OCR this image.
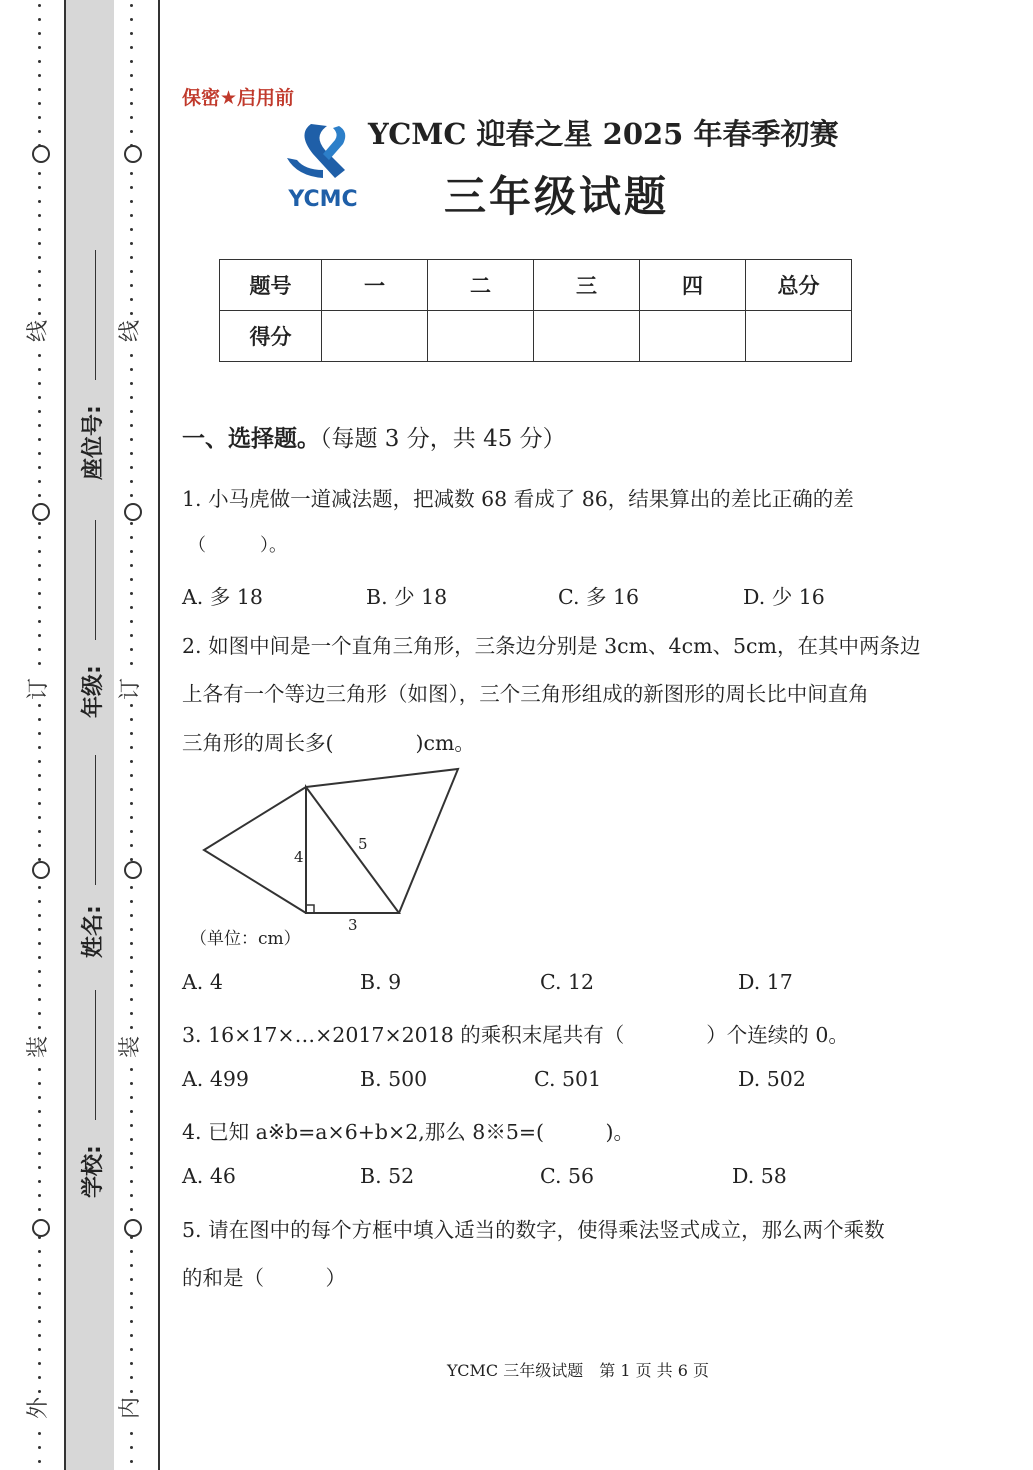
线
订
装
外
线
订
装
内
座位号:
年级:
姓名:
学校:
保密★启用前
YCMC
YCMC 迎春之星 2025 年春季初赛
三年级试题
题号	一	二	三	四	总分
得分					
一、选择题。（每题 3 分，共 45 分）
1. 小马虎做一道减法题，把减数 68 看成了 86，结果算出的差比正确的差
（　　　）。
A. 多 18	B. 少 18	C. 多 16	D. 少 16
2. 如图中间是一个直角三角形，三条边分别是 3cm、4cm、5cm，在其中两条边
上各有一个等边三角形（如图），三个三角形组成的新图形的周长比中间直角
三角形的周长多(　　　　)cm。
4
5
3
（单位：cm）
A. 4	B. 9	C. 12	D. 17
3. 16×17×…×2017×2018 的乘积末尾共有（　　　　）个连续的 0。
A. 499	B. 500	C. 501	D. 502
4. 已知 a※b=a×6+b×2,那么 8※5=(　　　)。
A. 46	B. 52	C. 56	D. 58
5. 请在图中的每个方框中填入适当的数字，使得乘法竖式成立，那么两个乘数
的和是（　　　）
YCMC 三年级试题　第 1 页 共 6 页
